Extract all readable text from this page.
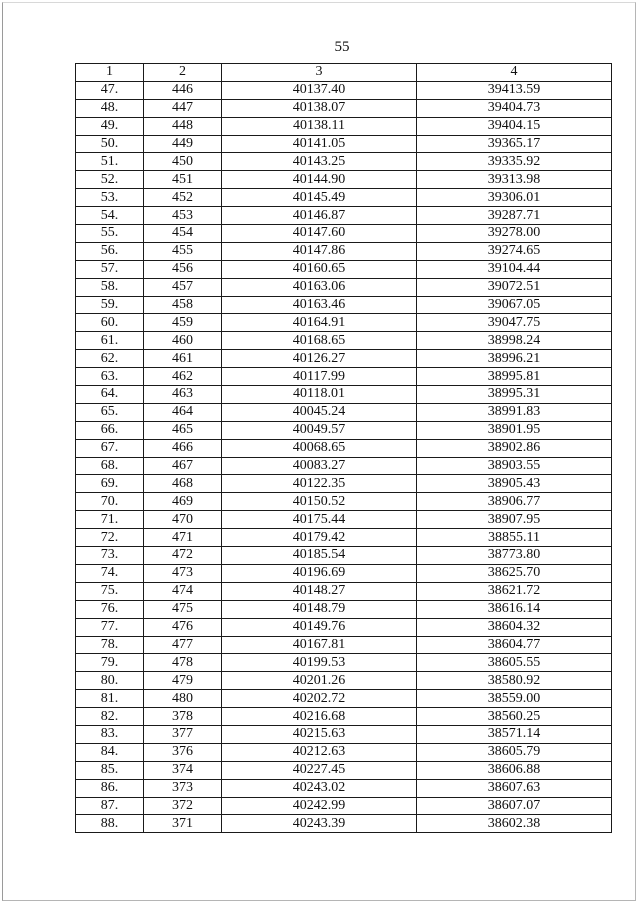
55
1	2	3	4
47.	446	40137.40	39413.59
48.	447	40138.07	39404.73
49.	448	40138.11	39404.15
50.	449	40141.05	39365.17
51.	450	40143.25	39335.92
52.	451	40144.90	39313.98
53.	452	40145.49	39306.01
54.	453	40146.87	39287.71
55.	454	40147.60	39278.00
56.	455	40147.86	39274.65
57.	456	40160.65	39104.44
58.	457	40163.06	39072.51
59.	458	40163.46	39067.05
60.	459	40164.91	39047.75
61.	460	40168.65	38998.24
62.	461	40126.27	38996.21
63.	462	40117.99	38995.81
64.	463	40118.01	38995.31
65.	464	40045.24	38991.83
66.	465	40049.57	38901.95
67.	466	40068.65	38902.86
68.	467	40083.27	38903.55
69.	468	40122.35	38905.43
70.	469	40150.52	38906.77
71.	470	40175.44	38907.95
72.	471	40179.42	38855.11
73.	472	40185.54	38773.80
74.	473	40196.69	38625.70
75.	474	40148.27	38621.72
76.	475	40148.79	38616.14
77.	476	40149.76	38604.32
78.	477	40167.81	38604.77
79.	478	40199.53	38605.55
80.	479	40201.26	38580.92
81.	480	40202.72	38559.00
82.	378	40216.68	38560.25
83.	377	40215.63	38571.14
84.	376	40212.63	38605.79
85.	374	40227.45	38606.88
86.	373	40243.02	38607.63
87.	372	40242.99	38607.07
88.	371	40243.39	38602.38
